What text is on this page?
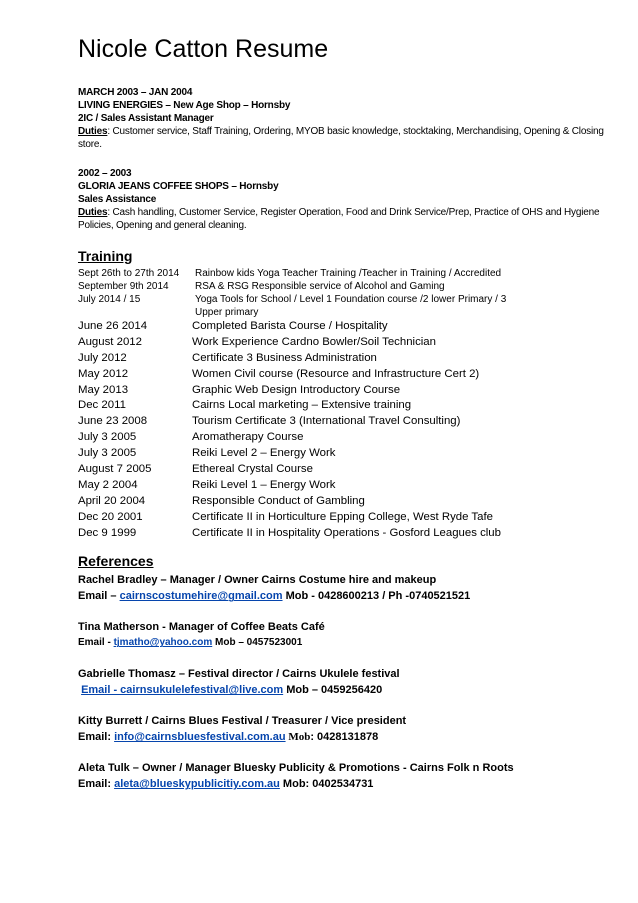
Nicole Catton Resume
MARCH 2003 – JAN 2004
LIVING ENERGIES – New Age Shop – Hornsby
2IC / Sales Assistant Manager
Duties: Customer service, Staff Training, Ordering, MYOB basic knowledge, stocktaking, Merchandising, Opening & Closing store.
2002 – 2003
GLORIA JEANS COFFEE SHOPS – Hornsby
Sales Assistance
Duties: Cash handling, Customer Service, Register Operation, Food and Drink Service/Prep, Practice of OHS and Hygiene Policies, Opening and general cleaning.
Training
Sept 26th to 27th 2014 Rainbow kids Yoga Teacher Training /Teacher in Training / Accredited
September 9th 2014	RSA & RSG Responsible service of Alcohol and Gaming
July 2014 / 15	Yoga Tools for School / Level 1 Foundation course /2 lower Primary / 3 Upper primary
June 26 2014	Completed Barista Course / Hospitality
August 2012	Work Experience Cardno Bowler/Soil Technician
July 2012	Certificate 3 Business Administration
May 2012	Women Civil course (Resource and Infrastructure Cert 2)
May 2013	Graphic Web Design Introductory Course
Dec 2011	Cairns Local marketing – Extensive training
June 23 2008	Tourism Certificate 3 (International Travel Consulting)
July 3 2005	Aromatherapy Course
July 3 2005	Reiki Level 2 – Energy Work
August 7 2005	Ethereal Crystal Course
May 2 2004	Reiki Level 1 – Energy Work
April 20 2004	Responsible Conduct of Gambling
Dec 20 2001	Certificate II in Horticulture Epping College, West Ryde Tafe
Dec 9 1999	Certificate II in Hospitality Operations - Gosford Leagues club
References
Rachel Bradley – Manager / Owner Cairns Costume hire and makeup
Email – cairnscostumehire@gmail.com Mob - 0428600213 / Ph -0740521521
Tina Matherson - Manager of Coffee Beats Café
Email - tjmatho@yahoo.com Mob – 0457523001
Gabrielle Thomasz – Festival director / Cairns Ukulele festival
Email - cairnsukulelefestival@live.com Mob – 0459256420
Kitty Burrett / Cairns Blues Festival / Treasurer / Vice president
Email: info@cairnsbluesfestival.com.au Mob: 0428131878
Aleta Tulk – Owner / Manager Bluesky Publicity & Promotions - Cairns Folk n Roots
Email: aleta@blueskypublicitiy.com.au Mob: 0402534731
